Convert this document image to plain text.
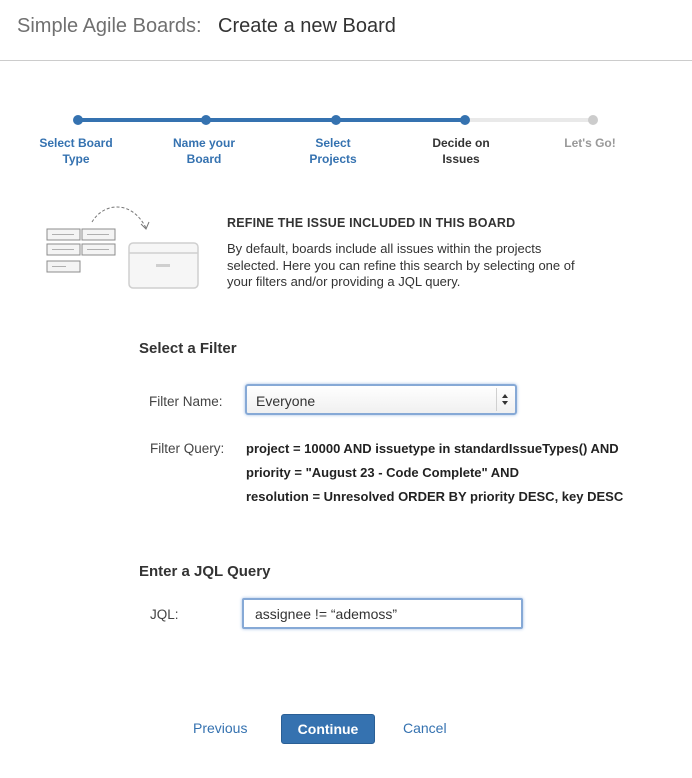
Simple Agile Boards: Create a new Board
Select Board
Type
Name your
Board
Select
Projects
Decide on
Issues
Let's Go!
REFINE THE ISSUE INCLUDED IN THIS BOARD
By default, boards include all issues within the projects selected. Here you can refine this search by selecting one of your filters and/or providing a JQL query.
Select a Filter
Filter Name: Everyone
Filter Query: project = 10000 AND issuetype in standardIssueTypes() AND
priority = "August 23 - Code Complete" AND
resolution = Unresolved ORDER BY priority DESC, key DESC
Enter a JQL Query
JQL:
assignee != “ademoss”
Previous	Continue	Cancel
